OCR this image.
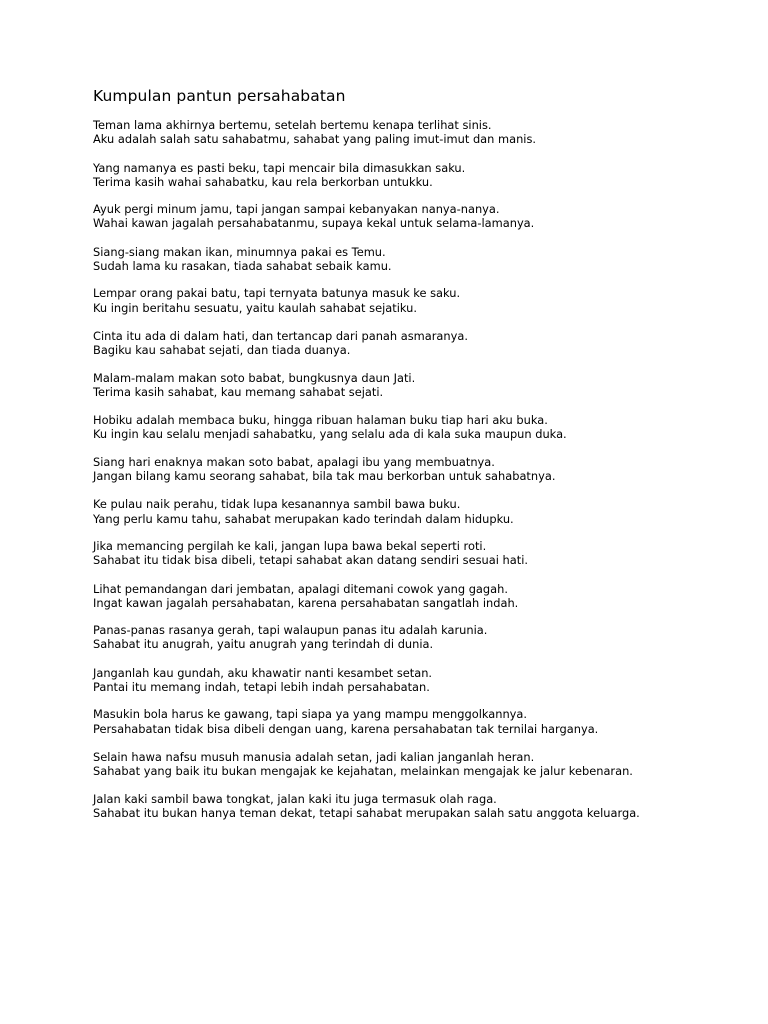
Kumpulan pantun persahabatan

Teman lama akhirnya bertemu, setelah bertemu kenapa terlihat sinis.
Aku adalah salah satu sahabatmu, sahabat yang paling imut-imut dan manis.

Yang namanya es pasti beku, tapi mencair bila dimasukkan saku.
Terima kasih wahai sahabatku, kau rela berkorban untukku.

Ayuk pergi minum jamu, tapi jangan sampai kebanyakan nanya-nanya.
Wahai kawan jagalah persahabatanmu, supaya kekal untuk selama-lamanya.

Siang-siang makan ikan, minumnya pakai es Temu.
Sudah lama ku rasakan, tiada sahabat sebaik kamu.

Lempar orang pakai batu, tapi ternyata batunya masuk ke saku.
Ku ingin beritahu sesuatu, yaitu kaulah sahabat sejatiku.

Cinta itu ada di dalam hati, dan tertancap dari panah asmaranya.
Bagiku kau sahabat sejati, dan tiada duanya.

Malam-malam makan soto babat, bungkusnya daun Jati.
Terima kasih sahabat, kau memang sahabat sejati.

Hobiku adalah membaca buku, hingga ribuan halaman buku tiap hari aku buka.
Ku ingin kau selalu menjadi sahabatku, yang selalu ada di kala suka maupun duka.

Siang hari enaknya makan soto babat, apalagi ibu yang membuatnya.
Jangan bilang kamu seorang sahabat, bila tak mau berkorban untuk sahabatnya.

Ke pulau naik perahu, tidak lupa kesanannya sambil bawa buku.
Yang perlu kamu tahu, sahabat merupakan kado terindah dalam hidupku.

Jika memancing pergilah ke kali, jangan lupa bawa bekal seperti roti.
Sahabat itu tidak bisa dibeli, tetapi sahabat akan datang sendiri sesuai hati.

Lihat pemandangan dari jembatan, apalagi ditemani cowok yang gagah.
Ingat kawan jagalah persahabatan, karena persahabatan sangatlah indah.

Panas-panas rasanya gerah, tapi walaupun panas itu adalah karunia.
Sahabat itu anugrah, yaitu anugrah yang terindah di dunia.

Janganlah kau gundah, aku khawatir nanti kesambet setan.
Pantai itu memang indah, tetapi lebih indah persahabatan.

Masukin bola harus ke gawang, tapi siapa ya yang mampu menggolkannya.
Persahabatan tidak bisa dibeli dengan uang, karena persahabatan tak ternilai harganya.

Selain hawa nafsu musuh manusia adalah setan, jadi kalian janganlah heran.
Sahabat yang baik itu bukan mengajak ke kejahatan, melainkan mengajak ke jalur kebenaran.

Jalan kaki sambil bawa tongkat, jalan kaki itu juga termasuk olah raga.
Sahabat itu bukan hanya teman dekat, tetapi sahabat merupakan salah satu anggota keluarga.
